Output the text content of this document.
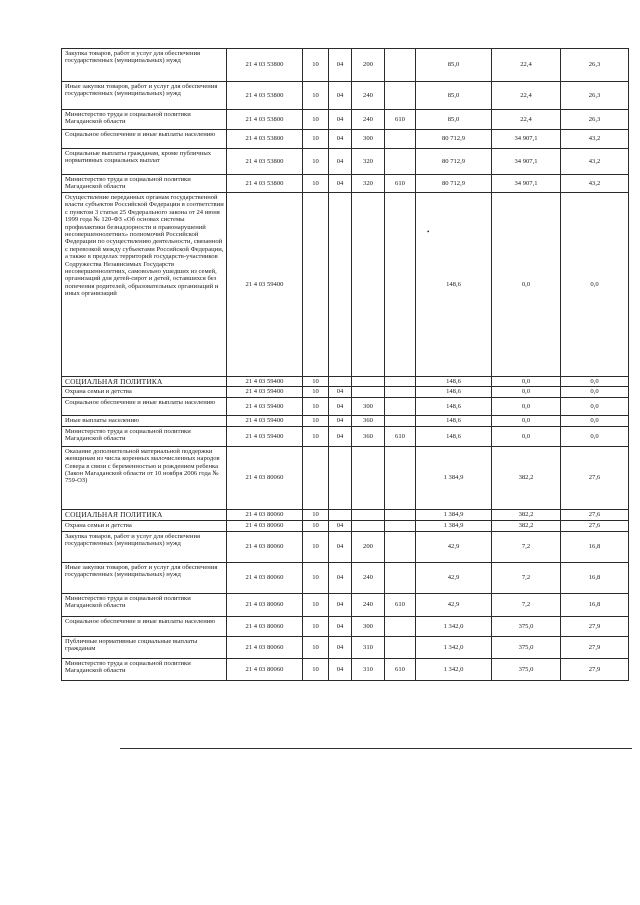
Закупка товаров, работ и услуг для обеспечения государственных (муниципальных) нужд	21 4 03 53800	10	04	200		85,0	22,4	26,3
Иные закупки товаров, работ и услуг для обеспечения государственных (муниципальных) нужд	21 4 03 53800	10	04	240		85,0	22,4	26,3
Министерство труда и социальной политики Магаданской области	21 4 03 53800	10	04	240	610	85,0	22,4	26,3
Социальное обеспечение и иные выплаты населению	21 4 03 53800	10	04	300		80 712,9	34 907,1	43,2
Социальные выплаты гражданам, кроме публичных нормативных социальных выплат	21 4 03 53800	10	04	320		80 712,9	34 907,1	43,2
Министерство труда и социальной политики Магаданской области	21 4 03 53800	10	04	320	610	80 712,9	34 907,1	43,2
Осуществление переданных органам государственной власти субъектов Российской Федерации в соответствии с пунктом 3 статьи 25 Федерального закона от 24 июня 1999 года № 120-ФЗ «Об основах системы профилактики безнадзорности и правонарушений несовершеннолетних» полномочий Российской Федерации по осуществлению деятельности, связанной с перевозкой между субъектами Российской Федерации, а также в пределах территорий государств-участников Содружества Независимых Государств несовершеннолетних, самовольно ушедших из семей, организаций для детей-сирот и детей, оставшихся без попечения родителей, образовательных организаций и иных организаций	21 4 03 59400					148,6	0,0	0,0
СОЦИАЛЬНАЯ ПОЛИТИКА	21 4 03 59400	10				148,6	0,0	0,0
Охрана семьи и детства	21 4 03 59400	10	04			148,6	0,0	0,0
Социальное обеспечение и иные выплаты населению	21 4 03 59400	10	04	300		148,6	0,0	0,0
Иные выплаты населению	21 4 03 59400	10	04	360		148,6	0,0	0,0
Министерство труда и социальной политики Магаданской области	21 4 03 59400	10	04	360	610	148,6	0,0	0,0
Оказание дополнительной материальной поддержки женщинам из числа коренных малочисленных народов Севера в связи с беременностью и рождением ребенка (Закон Магаданской области от 10 ноября 2006 года № 759-ОЗ)	21 4 03 80060					1 384,9	382,2	27,6
СОЦИАЛЬНАЯ ПОЛИТИКА	21 4 03 80060	10				1 384,9	382,2	27,6
Охрана семьи и детства	21 4 03 80060	10	04			1 384,9	382,2	27,6
Закупка товаров, работ и услуг для обеспечения государственных (муниципальных) нужд	21 4 03 80060	10	04	200		42,9	7,2	16,8
Иные закупки товаров, работ и услуг для обеспечения государственных (муниципальных) нужд	21 4 03 80060	10	04	240		42,9	7,2	16,8
Министерство труда и социальной политики Магаданской области	21 4 03 80060	10	04	240	610	42,9	7,2	16,8
Социальное обеспечение и иные выплаты населению	21 4 03 80060	10	04	300		1 342,0	375,0	27,9
Публичные нормативные социальные выплаты гражданам	21 4 03 80060	10	04	310		1 342,0	375,0	27,9
Министерство труда и социальной политики Магаданской области	21 4 03 80060	10	04	310	610	1 342,0	375,0	27,9
•
